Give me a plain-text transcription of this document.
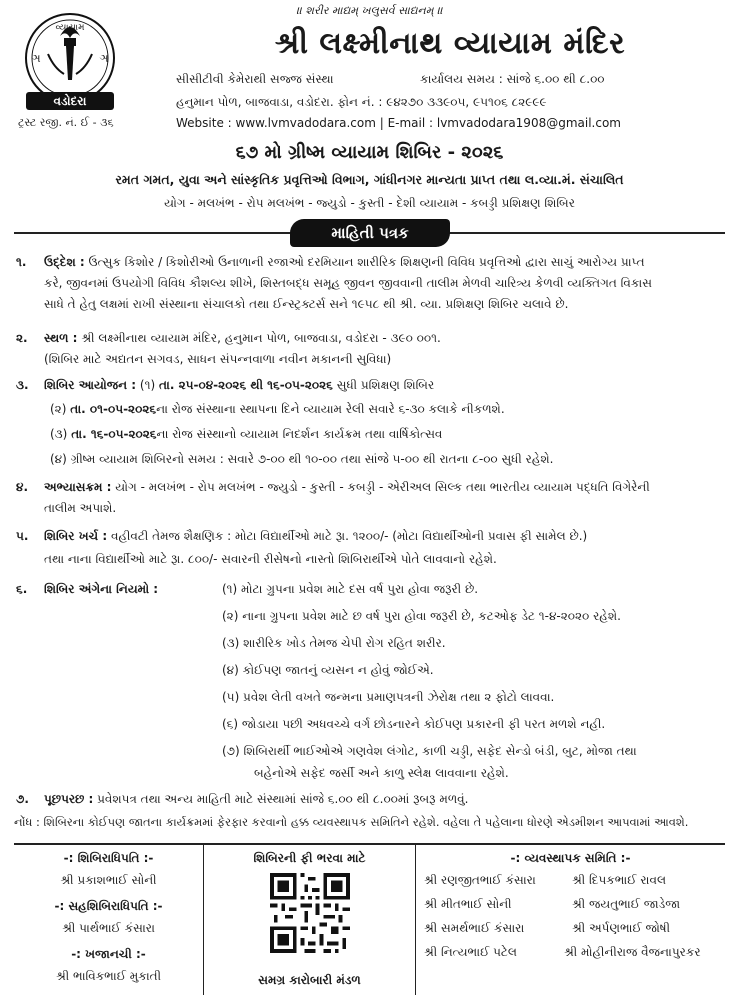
॥ શરીર માદ્યમ્ ખલુસર્વ સાદ્યનમ્ ॥
વડોદરા
વ્યાયામ
ઞ	ઞ
ટ્રસ્ટ રજી. નં. ઈ - ૩૬
શ્રી લક્ષ્મીનાથ વ્યાયામ મંદિર
સીસીટીવી કેમેરાથી સજ્જ સંસ્થા	કાર્યાલય સમય : સાંજે ૬.૦૦ થી ૮.૦૦
હનુમાન પોળ, બાજવાડા, વડોદરા. ફોન નં. : ૯૪૨૭૦ ૩૩૯૦૫, ૯૫૧૦૬ ૮૨૯૯૯
Website : www.lvmvadodara.com | E-mail : lvmvadodara1908@gmail.com
૬૭ મો ગ્રીષ્મ વ્યાયામ શિબિર - ૨૦૨૬
રમત ગમત, યુવા અને સાંસ્કૃતિક પ્રવૃત્તિઓ વિભાગ, ગાંધીનગર માન્યતા પ્રાપ્ત તથા લ.વ્યા.મં. સંચાલિત
યોગ - મલખંભ - રોપ મલખંભ - જ્યુડો - કુસ્તી - દેશી વ્યાયામ - કબડ્ડી પ્રશિક્ષણ શિબિર
માહિતી પત્રક
૧. ઉદ્દેશ : ઉત્સુક કિશોર / કિશોરીઓ ઉનાળાની રજાઓ દરમિયાન શારીરિક શિક્ષણની વિવિધ પ્રવૃત્તિઓ દ્વારા સાચું આરોગ્ય પ્રાપ્ત
કરે, જીવનમાં ઉપયોગી વિવિધ કૌશલ્ય શીખે, શિસ્તબદ્ધ સમૂહ જીવન જીવવાની તાલીમ મેળવી ચારિત્ર્ય કેળવી વ્યક્તિગત વિકાસ
સાધે તે હેતુ લક્ષમાં રાખી સંસ્થાના સંચાલકો તથા ઈન્સ્ટ્રક્ટર્સ સને ૧૯૫૮ થી શ્રી. વ્યા. પ્રશિક્ષણ શિબિર ચલાવે છે.
૨. સ્થળ : શ્રી લક્ષ્મીનાથ વ્યાયામ મંદિર, હનુમાન પોળ, બાજવાડા, વડોદરા - ૩૯૦ ૦૦૧.
(શિબિર માટે અદ્યતન સગવડ, સાધન સંપન્નવાળા નવીન મકાનની સુવિધા)
૩. શિબિર આયોજન : (૧) તા. ૨૫-૦૪-૨૦૨૬ થી ૧૬-૦૫-૨૦૨૬ સુધી પ્રશિક્ષણ શિબિર
(૨) તા. ૦૧-૦૫-૨૦૨૬ના રોજ સંસ્થાના સ્થાપના દિને વ્યાયામ રેલી સવારે ૬-૩૦ કલાકે નીકળશે.
(૩) તા. ૧૬-૦૫-૨૦૨૬ના રોજ સંસ્થાનો વ્યાયામ નિદર્શન કાર્યક્રમ તથા વાર્ષિકોત્સવ
(૪) ગ્રીષ્મ વ્યાયામ શિબિરનો સમય : સવારે ૭-૦૦ થી ૧૦-૦૦ તથા સાંજે ૫-૦૦ થી રાતના ૮-૦૦ સુધી રહેશે.
૪. અભ્યાસક્રમ : યોગ - મલખંભ - રોપ મલખંભ - જ્યુડો - કુસ્તી - કબડ્ડી - એરીઅલ સિલ્ક તથા ભારતીય વ્યાયામ પદ્ધતિ વિગેરેની
તાલીમ અપાશે.
૫. શિબિર ખર્ચ : વહીવટી તેમજ શૈક્ષણિક : મોટા વિદ્યાર્થીઓ માટે રૂા. ૧૨૦૦/- (મોટા વિદ્યાર્થીઓની પ્રવાસ ફી સામેલ છે.)
તથા નાના વિદ્યાર્થીઓ માટે રૂા. ૮૦૦/- સવારની રીસેષનો નાસ્તો શિબિરાર્થીએ પોતે લાવવાનો રહેશે.
૬. શિબિર અંગેના નિયમો :	(૧) મોટા ગ્રુપના પ્રવેશ માટે દસ વર્ષ પુરા હોવા જરૂરી છે.
(૨) નાના ગ્રુપના પ્રવેશ માટે છ વર્ષ પુરા હોવા જરૂરી છે, કટઓફ ડેટ ૧-૪-૨૦૨૦ રહેશે.
(૩) શારીરિક ખોડ તેમજ ચેપી રોગ રહિત શરીર.
(૪) કોઈપણ જાતનું વ્યસન ન હોવું જોઈએ.
(૫) પ્રવેશ લેતી વખતે જન્મના પ્રમાણપત્રની ઝેરોક્ષ તથા ૨ ફોટો લાવવા.
(૬) જોડાયા પછી અધવચ્ચે વર્ગ છોડનારને કોઈપણ પ્રકારની ફી પરત મળશે નહી.
(૭) શિબિરાર્થી ભાઈઓએ ગણવેશ લંગોટ, કાળી ચડ્ડી, સફેદ સેન્ડો બંડી, બુટ, મોજા તથા
બહેનોએ સફેદ જર્સી અને કાળુ સ્લેક્ષ લાવવાના રહેશે.
૭. પૂછપરછ : પ્રવેશપત્ર તથા અન્ય માહિતી માટે સંસ્થામાં સાંજે ૬.૦૦ થી ૮.૦૦માં રૂબરૂ મળવું.
નોંધ : શિબિરના કોઈપણ જાતના કાર્યક્રમમાં ફેરફાર કરવાનો હક્ક વ્યવસ્થાપક સમિતિને રહેશે. વહેલા તે પહેલાના ધોરણે એડમીશન આપવામાં આવશે.
-: શિબિરાધિપતિ :-
શ્રી પ્રકાશભાઈ સોની
-: સહશિબિરાધિપતિ :-
શ્રી પાર્થભાઈ કંસારા
-: ખજાનચી :-
શ્રી ભાવિકભાઈ મુકાતી
શિબિરની ફી ભરવા માટે
સમગ્ર કારોબારી મંડળ
-: વ્યવસ્થાપક સમિતિ :-
શ્રી રણજીતભાઈ કંસારા	શ્રી દિપકભાઈ રાવલ
શ્રી મીતભાઈ સોની	શ્રી જયતુભાઈ જાડેજા
શ્રી સમર્થભાઈ કંસારા	શ્રી અર્પણભાઈ જોષી
શ્રી નિત્યભાઈ પટેલ	શ્રી મોહીનીરાજ વૈજનાપુરકર
